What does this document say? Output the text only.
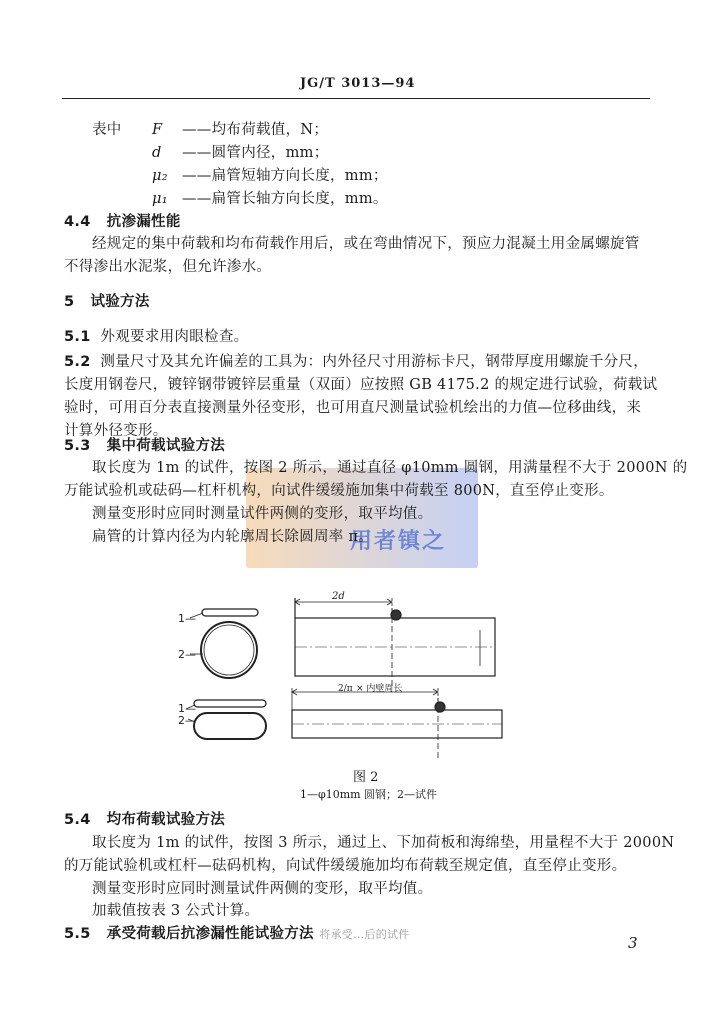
JG/T 3013—94
表中 F ——均布荷载值，N；
d ——圆管内径，mm；
μ₂ ——扁管短轴方向长度，mm；
μ₁ ——扁管长轴方向长度，mm。
4.4 抗渗漏性能
经规定的集中荷载和均布荷载作用后，或在弯曲情况下，预应力混凝土用金属螺旋管
不得渗出水泥浆，但允许渗水。
5 试验方法
5.1 外观要求用肉眼检查。
5.2 测量尺寸及其允许偏差的工具为：内外径尺寸用游标卡尺，钢带厚度用螺旋千分尺，
长度用钢卷尺，镀锌钢带镀锌层重量（双面）应按照 GB 4175.2 的规定进行试验，荷载试
验时，可用百分表直接测量外径变形，也可用直尺测量试验机绘出的力值—位移曲线，来
计算外径变形。
5.3 集中荷载试验方法
用者镇之
取长度为 1m 的试件，按图 2 所示，通过直径 φ10mm 圆钢，用满量程不大于 2000N 的
万能试验机或砝码—杠杆机构，向试件缓缓施加集中荷载至 800N，直至停止变形。
测量变形时应同时测量试件两侧的变形，取平均值。
扁管的计算内径为内轮廓周长除圆周率 π。
1—
2—
1—
2—
2d
2/π × 内壁周长
图 2
1—φ10mm 圆钢；2—试件
5.4 均布荷载试验方法
取长度为 1m 的试件，按图 3 所示，通过上、下加荷板和海绵垫，用量程不大于 2000N
的万能试验机或杠杆—砝码机构，向试件缓缓施加均布荷载至规定值，直至停止变形。
测量变形时应同时测量试件两侧的变形，取平均值。
加载值按表 3 公式计算。
5.5 承受荷载后抗渗漏性能试验方法 将承受…后的试件	3
